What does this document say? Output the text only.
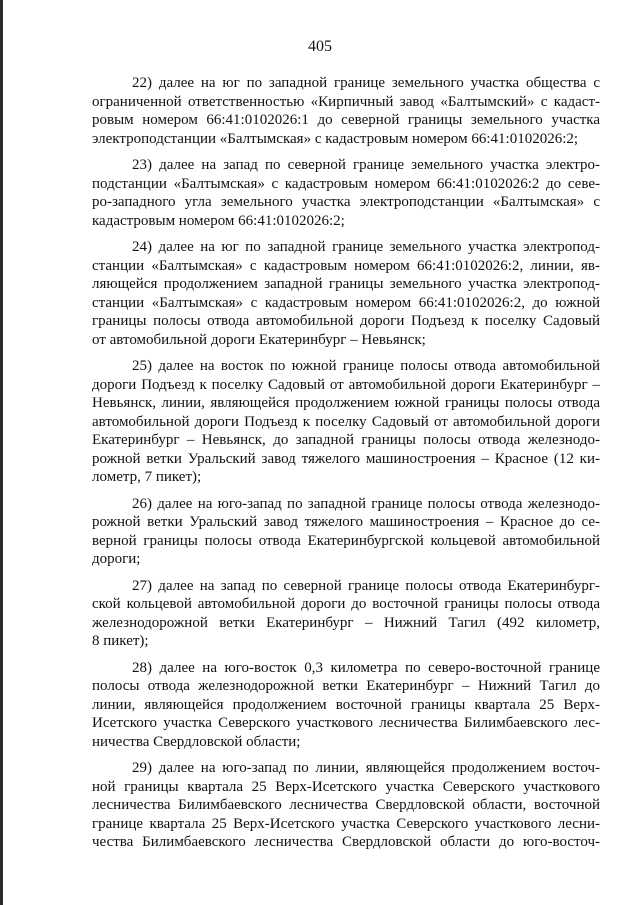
405
22) далее на юг по западной границе земельного участка общества с
ограниченной ответственностью «Кирпичный завод «Балтымский» с кадаст-
ровым номером 66:41:0102026:1 до северной границы земельного участка
электроподстанции «Балтымская» с кадастровым номером 66:41:0102026:2;
23) далее на запад по северной границе земельного участка электро-
подстанции «Балтымская» с кадастровым номером 66:41:0102026:2 до севе-
ро-западного угла земельного участка электроподстанции «Балтымская» с
кадастровым номером 66:41:0102026:2;
24) далее на юг по западной границе земельного участка электропод-
станции «Балтымская» с кадастровым номером 66:41:0102026:2, линии, яв-
ляющейся продолжением западной границы земельного участка электропод-
станции «Балтымская» с кадастровым номером 66:41:0102026:2, до южной
границы полосы отвода автомобильной дороги Подъезд к поселку Садовый
от автомобильной дороги Екатеринбург – Невьянск;
25) далее на восток по южной границе полосы отвода автомобильной
дороги Подъезд к поселку Садовый от автомобильной дороги Екатеринбург –
Невьянск, линии, являющейся продолжением южной границы полосы отвода
автомобильной дороги Подъезд к поселку Садовый от автомобильной дороги
Екатеринбург – Невьянск, до западной границы полосы отвода железнодо-
рожной ветки Уральский завод тяжелого машиностроения – Красное (12 ки-
лометр, 7 пикет);
26) далее на юго-запад по западной границе полосы отвода железнодо-
рожной ветки Уральский завод тяжелого машиностроения – Красное до се-
верной границы полосы отвода Екатеринбургской кольцевой автомобильной
дороги;
27) далее на запад по северной границе полосы отвода Екатеринбург-
ской кольцевой автомобильной дороги до восточной границы полосы отвода
железнодорожной ветки Екатеринбург – Нижний Тагил (492 километр,
8 пикет);
28) далее на юго-восток 0,3 километра по северо-восточной границе
полосы отвода железнодорожной ветки Екатеринбург – Нижний Тагил до
линии, являющейся продолжением восточной границы квартала 25 Верх-
Исетского участка Северского участкового лесничества Билимбаевского лес-
ничества Свердловской области;
29) далее на юго-запад по линии, являющейся продолжением восточ-
ной границы квартала 25 Верх-Исетского участка Северского участкового
лесничества Билимбаевского лесничества Свердловской области, восточной
границе квартала 25 Верх-Исетского участка Северского участкового лесни-
чества Билимбаевского лесничества Свердловской области до юго-восточ-
